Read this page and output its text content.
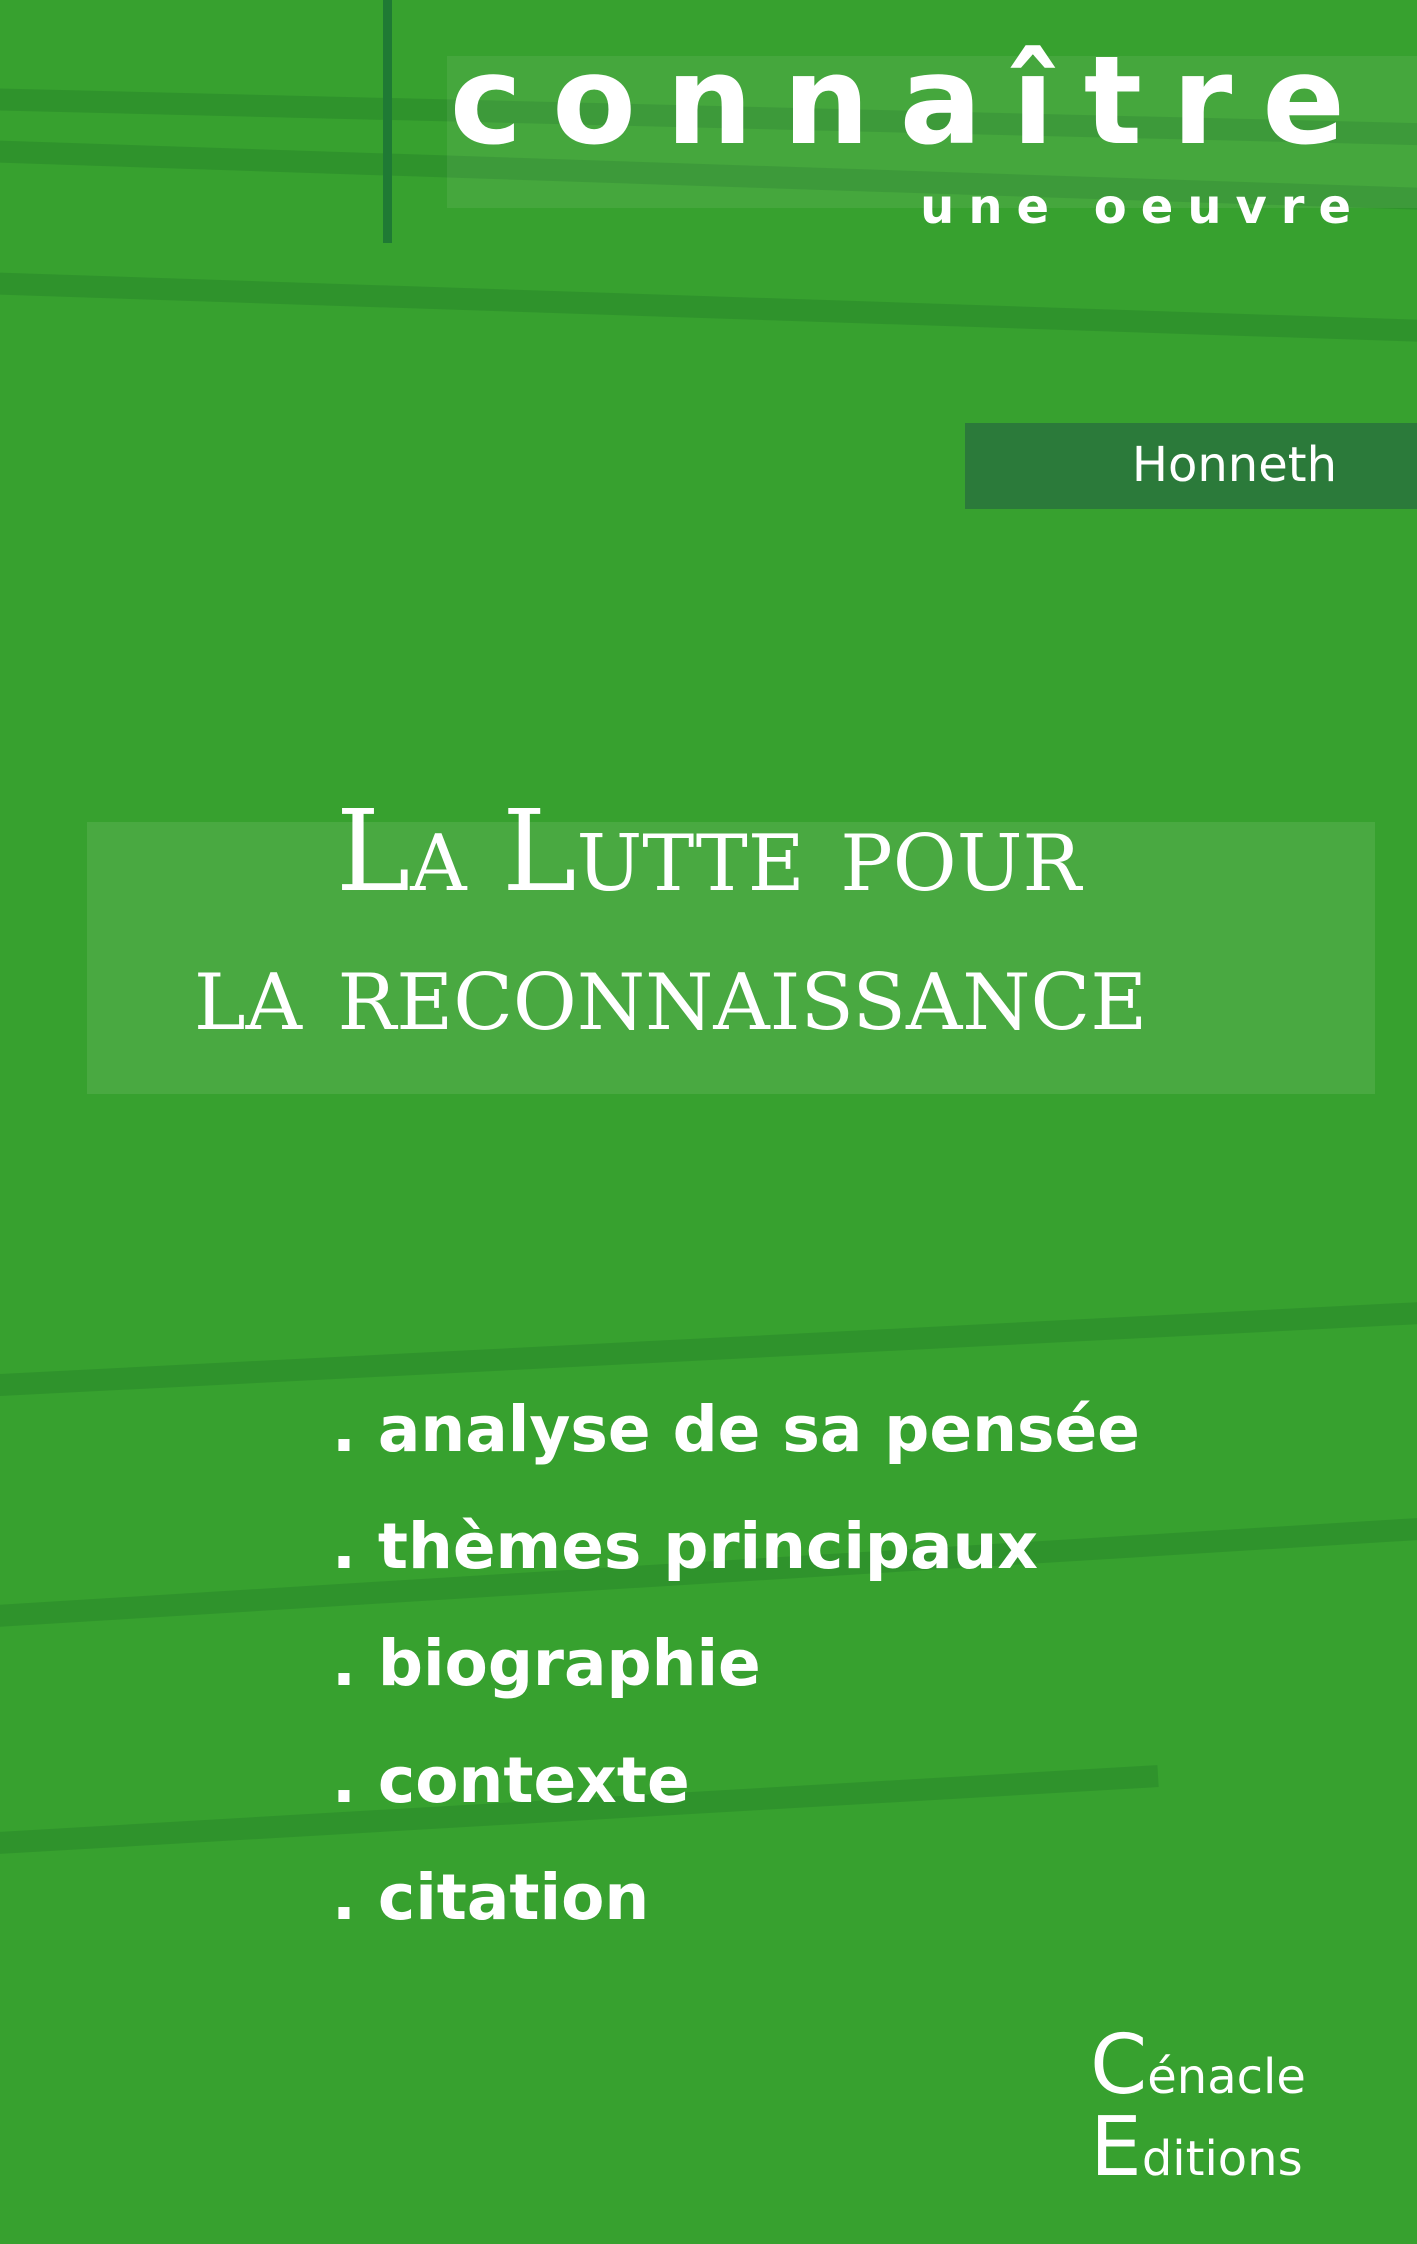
connaître
une oeuvre
Honneth
La Lutte pour
la reconnaissance
. analyse de sa pensée
. thèmes principaux
. biographie
. contexte
. citation
Cénacle
Editions
